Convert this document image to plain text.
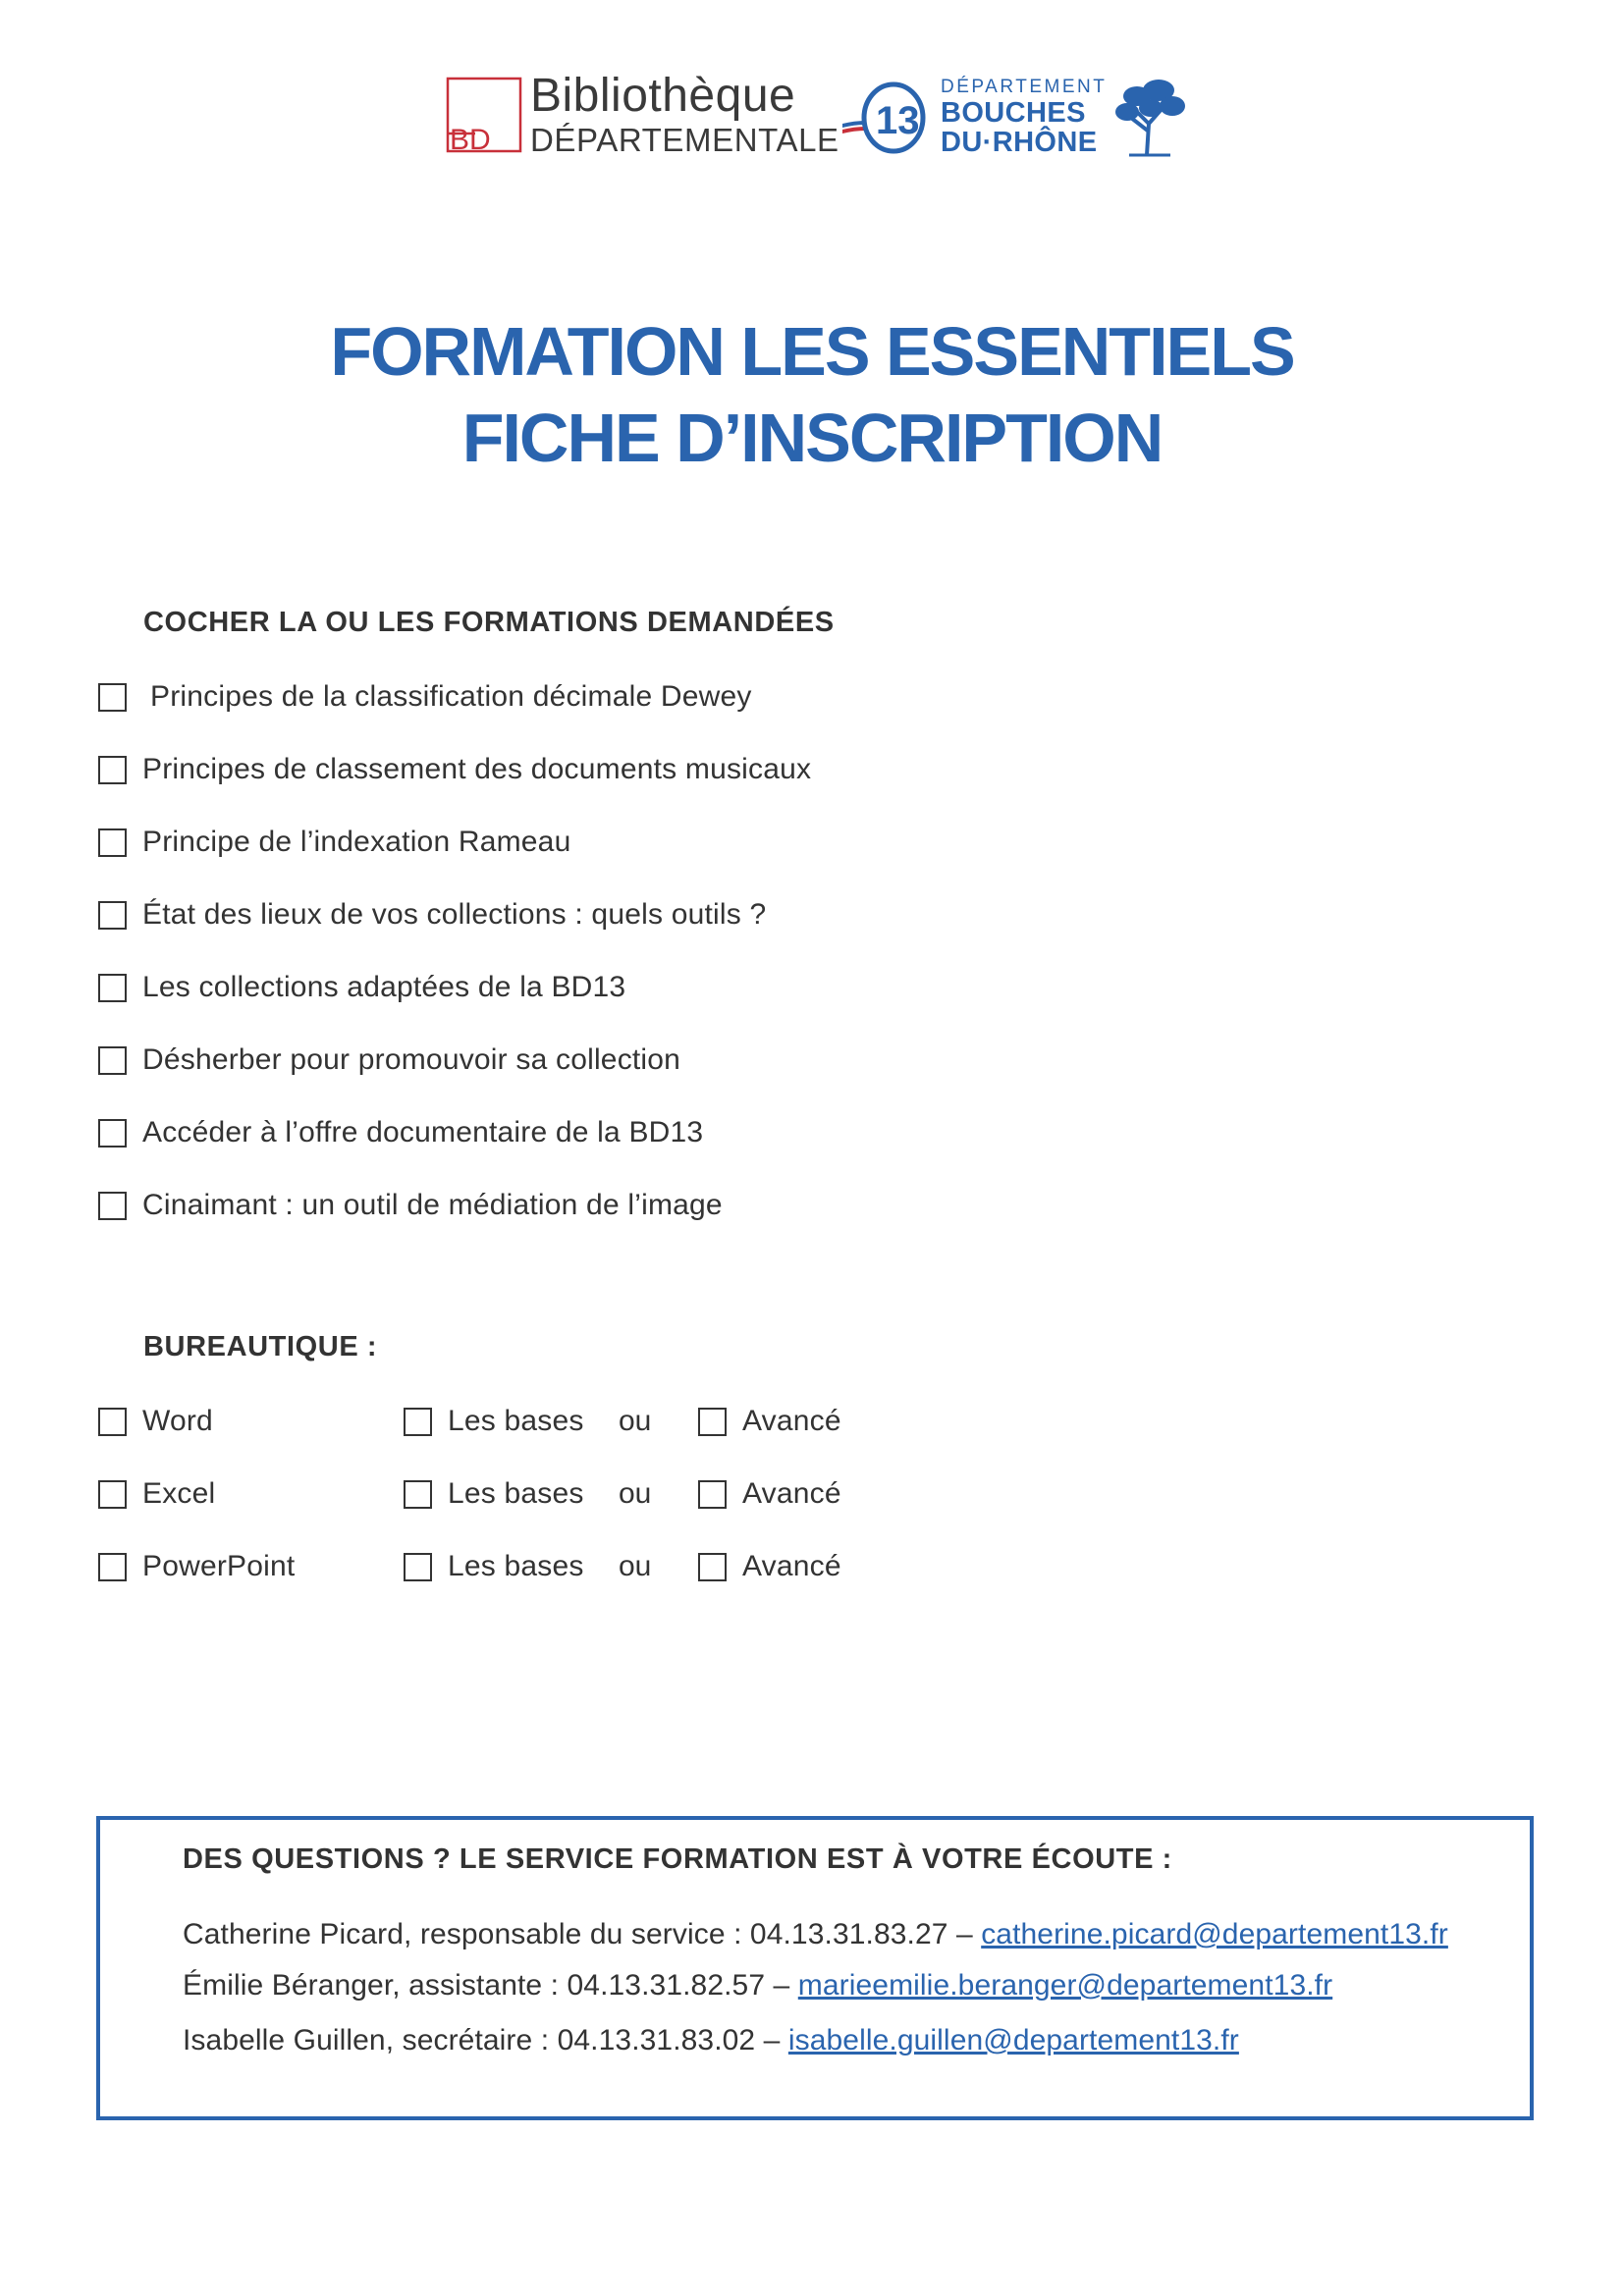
BD
Bibliothèque
DÉPARTEMENTALE 13
DÉPARTEMENT
BOUCHES
DU·RHÔNE
FORMATION LES ESSENTIELS
FICHE D’INSCRIPTION
COCHER LA OU LES FORMATIONS DEMANDÉES
Principes de la classification décimale Dewey
Principes de classement des documents musicaux
Principe de l’indexation Rameau
État des lieux de vos collections : quels outils ?
Les collections adaptées de la BD13
Désherber pour promouvoir sa collection
Accéder à l’offre documentaire de la BD13
Cinaimant : un outil de médiation de l’image
BUREAUTIQUE :
Word	Les bases ou	Avancé
Excel	Les bases ou	Avancé
PowerPoint	Les bases ou	Avancé
DES QUESTIONS ? LE SERVICE FORMATION EST À VOTRE ÉCOUTE :
Catherine Picard, responsable du service : 04.13.31.83.27 – catherine.picard@departement13.fr
Émilie Béranger, assistante : 04.13.31.82.57 – marieemilie.beranger@departement13.fr
Isabelle Guillen, secrétaire : 04.13.31.83.02 – isabelle.guillen@departement13.fr
